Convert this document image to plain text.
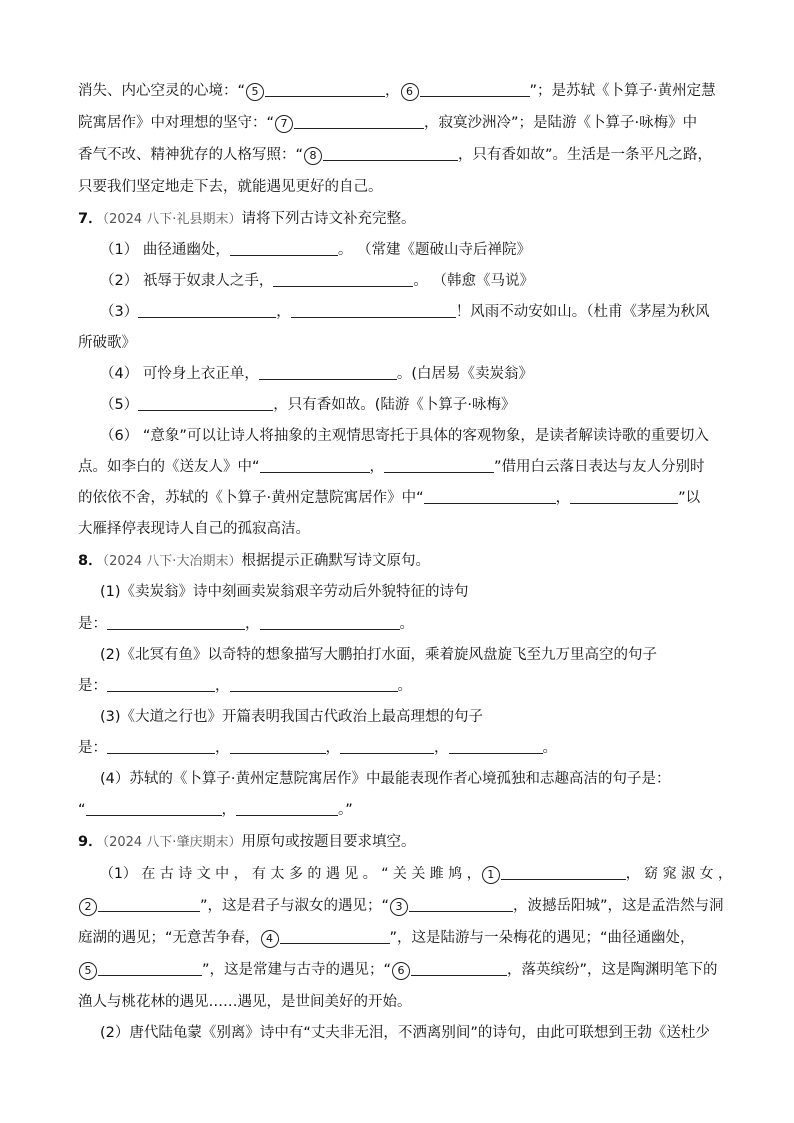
消失、内心空灵的心境：“ 5	， 6	”；是苏轼《卜算子·黄州定慧
院寓居作》中对理想的坚守：“ 7	，寂寞沙洲冷”；是陆游《卜算子·咏梅》中
香气不改、精神犹存的人格写照：“ 8	，只有香如故”。生活是一条平凡之路，
只要我们坚定地走下去，就能遇见更好的自己。
7．（2024 八下·礼县期末）请将下列古诗文补充完整。
（1） 曲径通幽处，	。 （常建《题破山寺后禅院》
（2） 祇辱于奴隶人之手，	。 （韩愈《马说》
（3）	，	！风雨不动安如山。（杜甫《茅屋为秋风
所破歌》
（4） 可怜身上衣正单，	。(白居易《卖炭翁》
（5）	，只有香如故。(陆游《卜算子·咏梅》
（6） “意象”可以让诗人将抽象的主观情思寄托于具体的客观物象，是读者解读诗歌的重要切入
点。如李白的《送友人》中“	，	”借用白云落日表达与友人分别时
的依依不舍，苏轼的《卜算子·黄州定慧院寓居作》中“	，	”以
大雁择停表现诗人自己的孤寂高洁。
8．（2024 八下·大冶期末）根据提示正确默写诗文原句。
(1)《卖炭翁》诗中刻画卖炭翁艰辛劳动后外貌特征的诗句
是：	，	。
(2)《北冥有鱼》以奇特的想象描写大鹏拍打水面，乘着旋风盘旋飞至九万里高空的句子
是：	，	。
(3)《大道之行也》开篇表明我国古代政治上最高理想的句子
是：	，	，	，	。
(4）苏轼的《卜算子·黄州定慧院寓居作》中最能表现作者心境孤独和志趣高洁的句子是：
“	，	。”
9．（2024 八下·肇庆期末）用原句或按题目要求填空。
（1） 在 古 诗 文 中 ， 有 太 多 的 遇 见 。 “ 关 关 雎 鸠 ， 1	， 窈 窕 淑 女 ，
2	”，这是君子与淑女的遇见；“ 3	，波撼岳阳城”，这是孟浩然与洞
庭湖的遇见；“无意苦争春， 4	”，这是陆游与一朵梅花的遇见；“曲径通幽处，
5	”，这是常建与古寺的遇见；“ 6	，落英缤纷”，这是陶渊明笔下的
渔人与桃花林的遇见……遇见，是世间美好的开始。
(2）唐代陆龟蒙《别离》诗中有“丈夫非无泪，不洒离别间”的诗句，由此可联想到王勃《送杜少
